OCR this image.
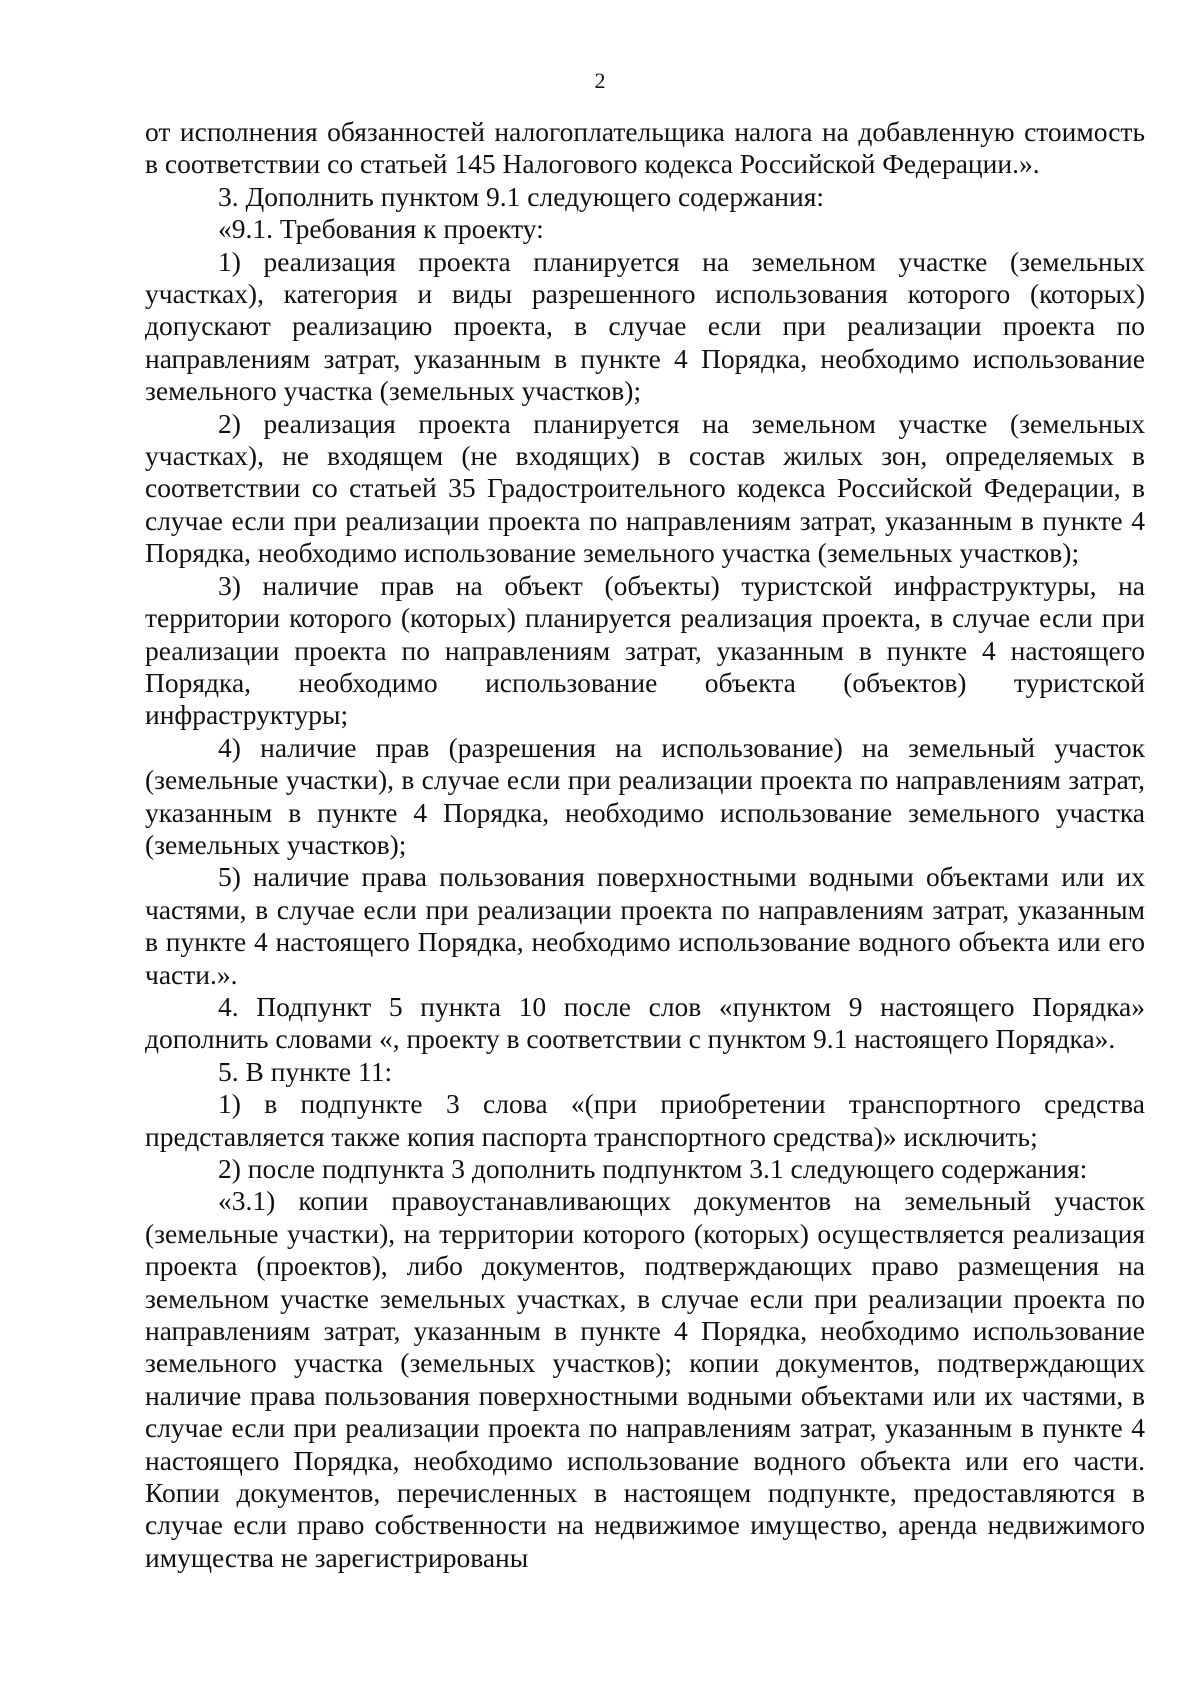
2

от исполнения обязанностей налогоплательщика налога на добавленную стоимость в соответствии со статьей 145 Налогового кодекса Российской Федерации.».

3. Дополнить пунктом 9.1 следующего содержания:

«9.1. Требования к проекту:

1) реализация проекта планируется на земельном участке (земельных участках), категория и виды разрешенного использования которого (которых) допускают реализацию проекта, в случае если при реализации проекта по направлениям затрат, указанным в пункте 4 Порядка, необходимо использование земельного участка (земельных участков);

2) реализация проекта планируется на земельном участке (земельных участках), не входящем (не входящих) в состав жилых зон, определяемых в соответствии со статьей 35 Градостроительного кодекса Российской Федерации, в случае если при реализации проекта по направлениям затрат, указанным в пункте 4 Порядка, необходимо использование земельного участка (земельных участков);

3) наличие прав на объект (объекты) туристской инфраструктуры, на территории которого (которых) планируется реализация проекта, в случае если при реализации проекта по направлениям затрат, указанным в пункте 4 настоящего Порядка, необходимо использование объекта (объектов) туристской инфраструктуры;

4) наличие прав (разрешения на использование) на земельный участок (земельные участки), в случае если при реализации проекта по направлениям затрат, указанным в пункте 4 Порядка, необходимо использование земельного участка (земельных участков);

5) наличие права пользования поверхностными водными объектами или их частями, в случае если при реализации проекта по направлениям затрат, указанным в пункте 4 настоящего Порядка, необходимо использование водного объекта или его части.».

4. Подпункт 5 пункта 10 после слов «пунктом 9 настоящего Порядка» дополнить словами «, проекту в соответствии с пунктом 9.1 настоящего Порядка».

5. В пункте 11:

1) в подпункте 3 слова «(при приобретении транспортного средства представляется также копия паспорта транспортного средства)» исключить;

2) после подпункта 3 дополнить подпунктом 3.1 следующего содержания:

«3.1) копии правоустанавливающих документов на земельный участок (земельные участки), на территории которого (которых) осуществляется реализация проекта (проектов), либо документов, подтверждающих право размещения на земельном участке земельных участках, в случае если при реализации проекта по направлениям затрат, указанным в пункте 4 Порядка, необходимо использование земельного участка (земельных участков); копии документов, подтверждающих наличие права пользования поверхностными водными объектами или их частями, в случае если при реализации проекта по направлениям затрат, указанным в пункте 4 настоящего Порядка, необходимо использование водного объекта или его части. Копии документов, перечисленных в настоящем подпункте, предоставляются в случае если право собственности на недвижимое имущество, аренда недвижимого имущества не зарегистрированы
